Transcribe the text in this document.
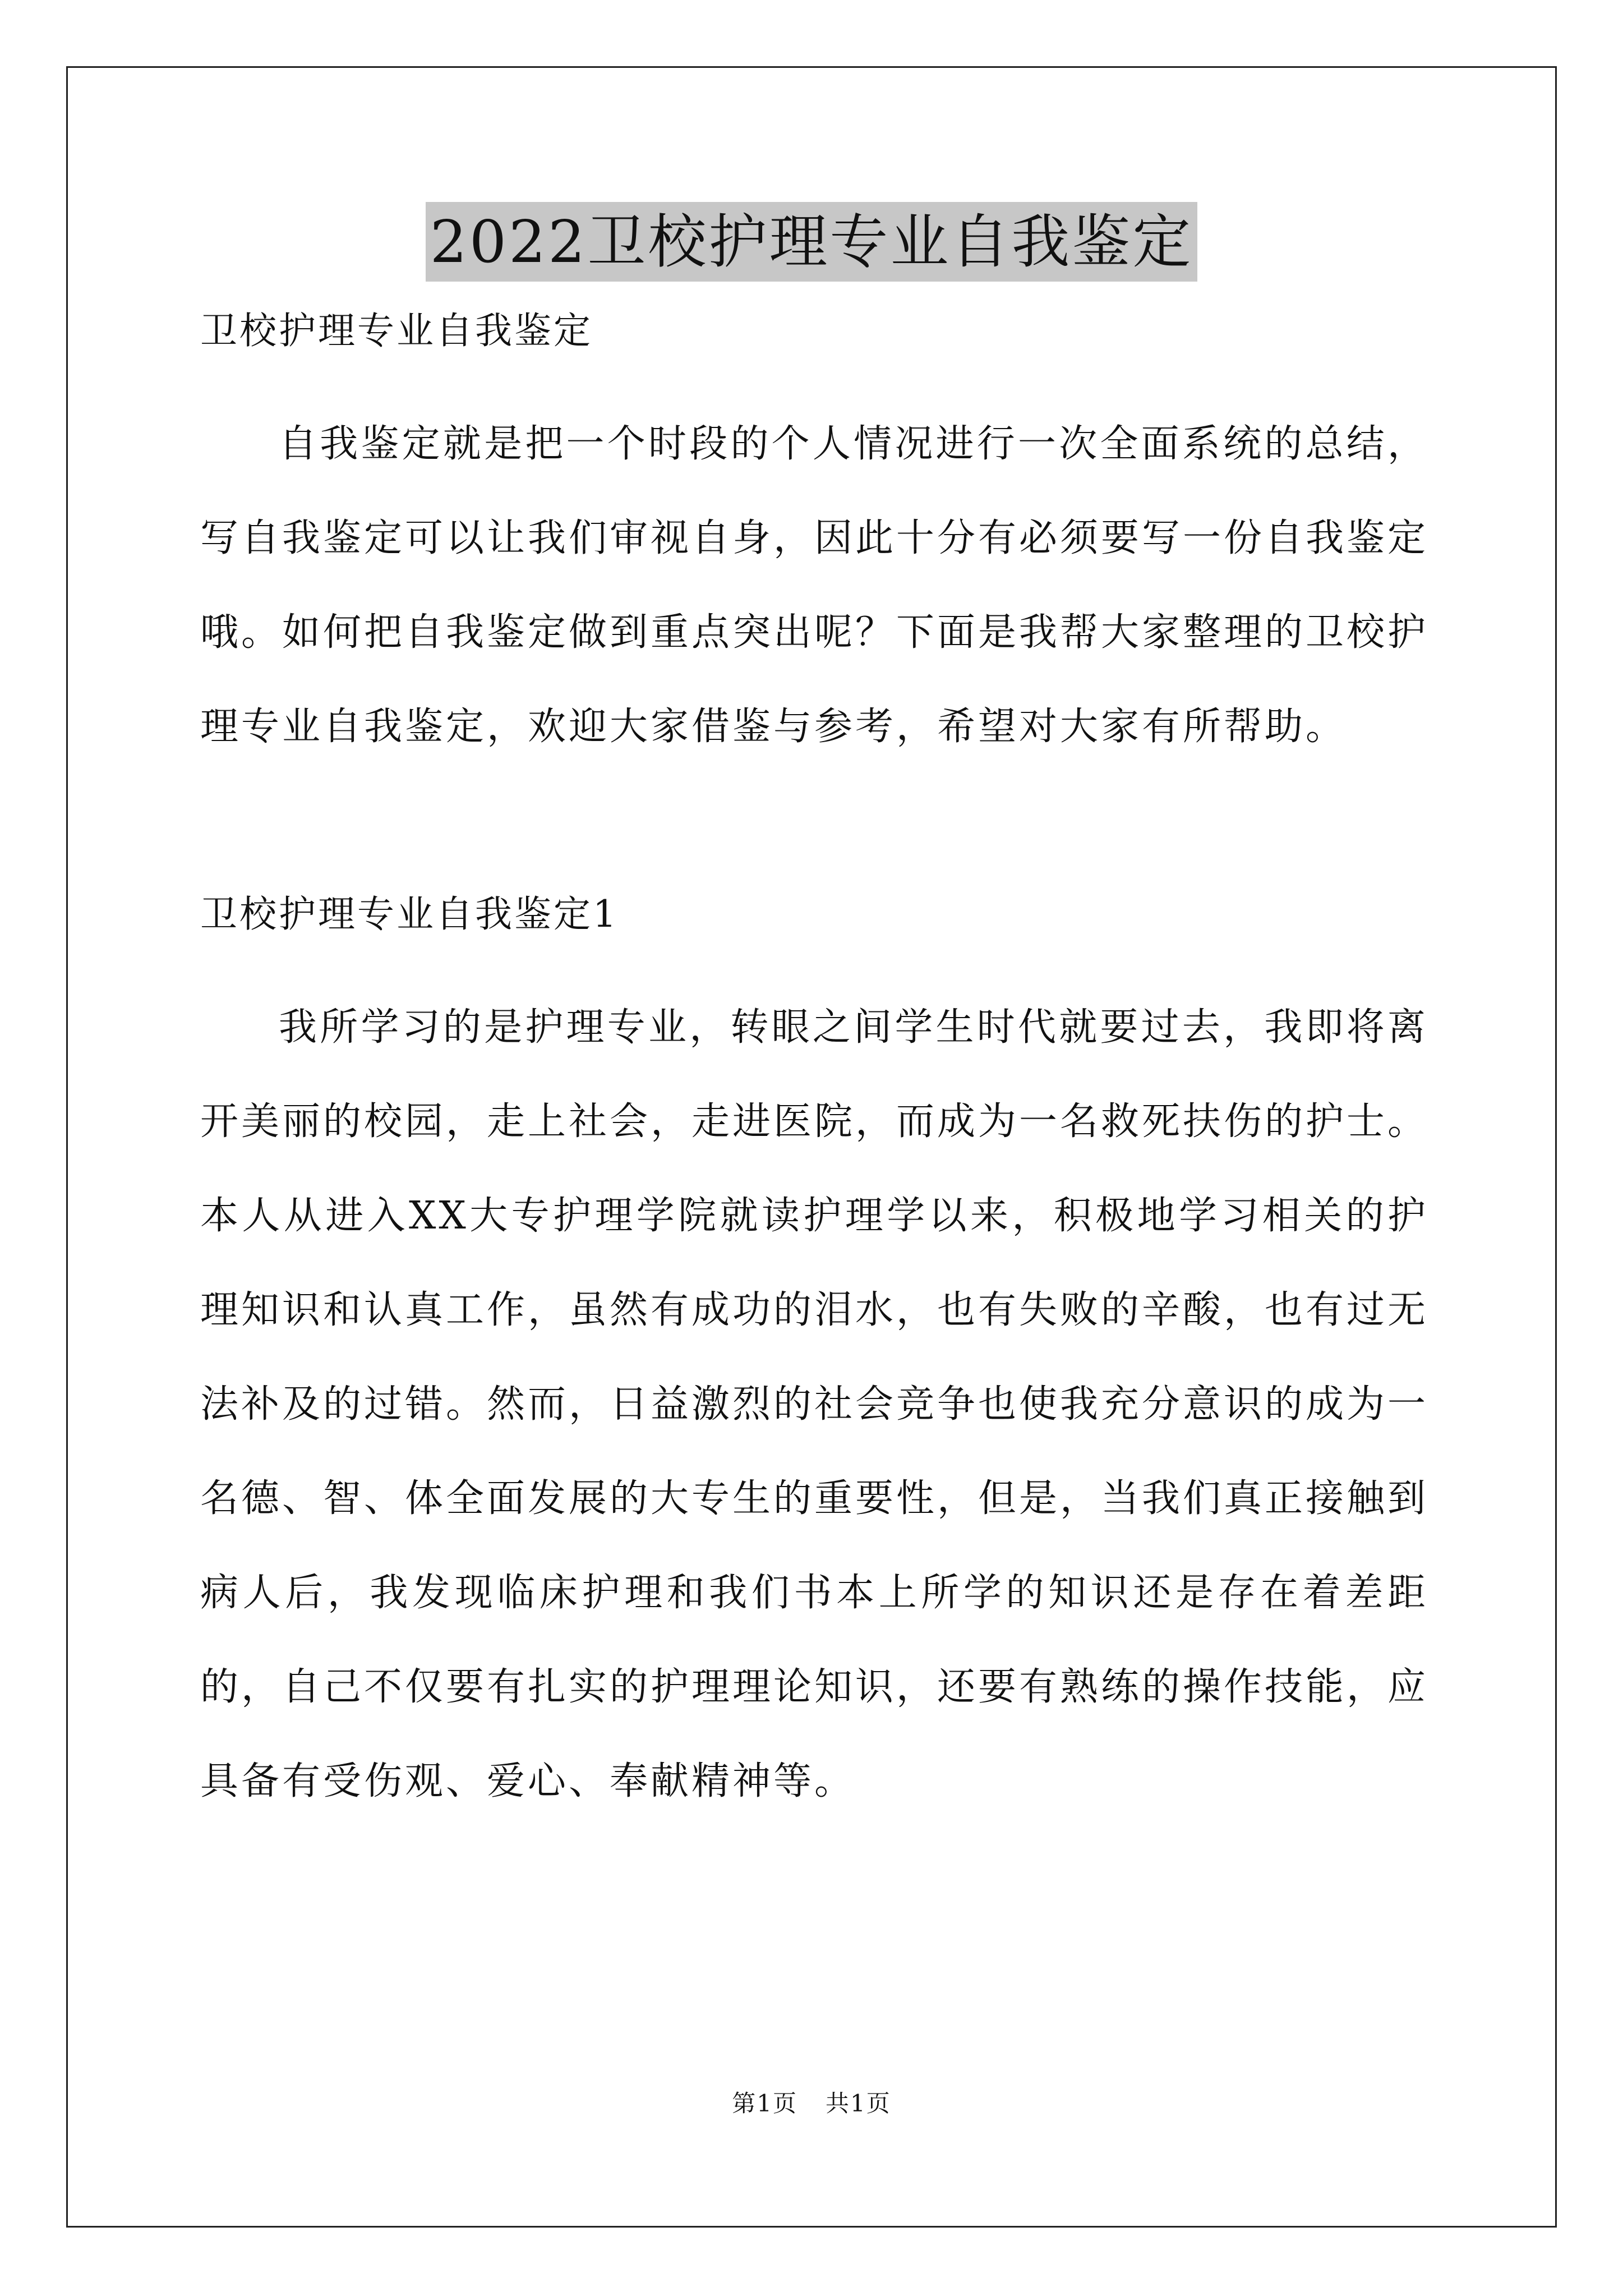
2022卫校护理专业自我鉴定

卫校护理专业自我鉴定

自我鉴定就是把一个时段的个人情况进行一次全面系统的总结，写自我鉴定可以让我们审视自身，因此十分有必须要写一份自我鉴定哦。如何把自我鉴定做到重点突出呢？下面是我帮大家整理的卫校护理专业自我鉴定，欢迎大家借鉴与参考，希望对大家有所帮助。

卫校护理专业自我鉴定1

我所学习的是护理专业，转眼之间学生时代就要过去，我即将离开美丽的校园，走上社会，走进医院，而成为一名救死扶伤的护士。本人从进入XX大专护理学院就读护理学以来，积极地学习相关的护理知识和认真工作，虽然有成功的泪水，也有失败的辛酸，也有过无法补及的过错。然而，日益激烈的社会竞争也使我充分意识的成为一名德、智、体全面发展的大专生的重要性，但是，当我们真正接触到病人后，我发现临床护理和我们书本上所学的知识还是存在着差距的，自己不仅要有扎实的护理理论知识，还要有熟练的操作技能，应具备有受伤观、爱心、奉献精神等。

第1页 共1页
